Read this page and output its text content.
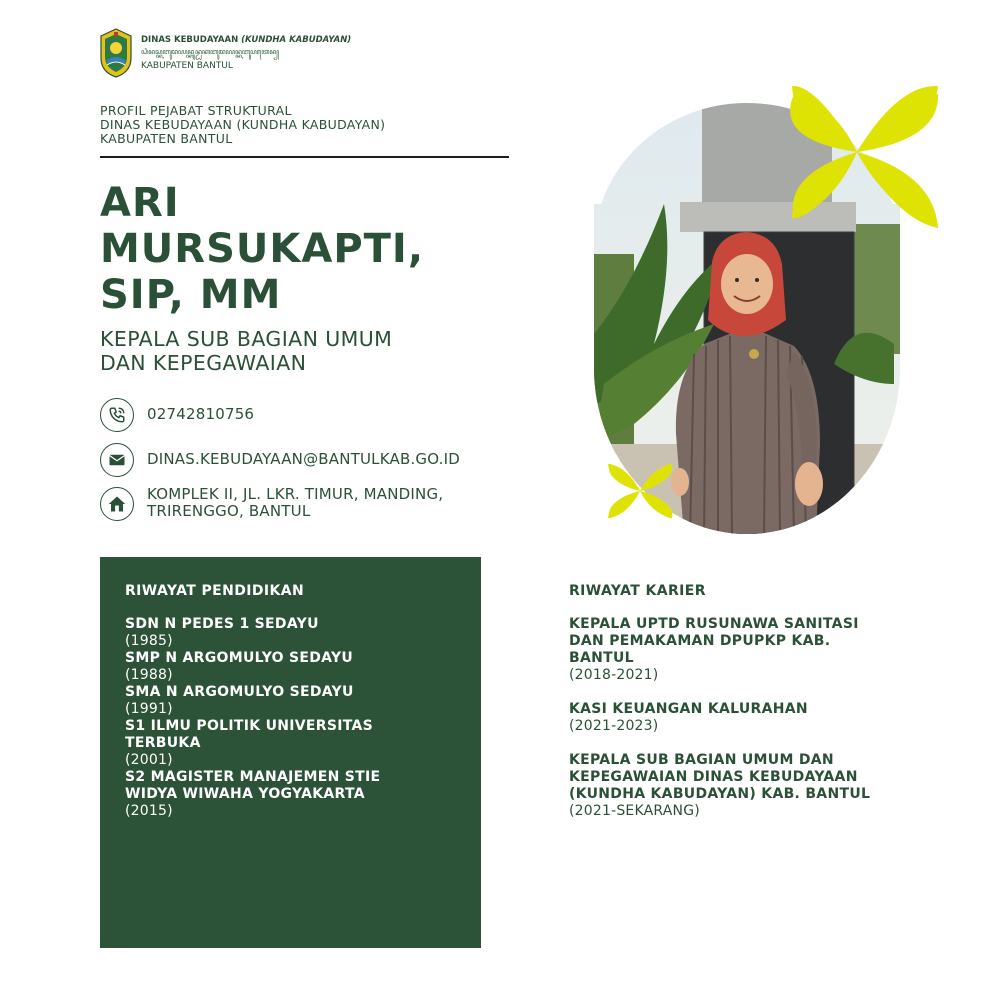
DINAS KEBUDAYAAN (KUNDHA KABUDAYAN)
ꦝꦶꦤꦱ꧀ꦏꦧꦸꦢꦪꦤ꧀ꦏꦸꦤ꧀ꦝꦏꦧꦸꦢꦪꦤ꧀ꦏꦧꦸꦥꦠꦺꦤ꧀
KABUPATEN BANTUL
PROFIL PEJABAT STRUKTURAL
DINAS KEBUDAYAAN (KUNDHA KABUDAYAN)
KABUPATEN BANTUL
ARI
MURSUKAPTI,
SIP, MM
KEPALA SUB BAGIAN UMUM
DAN KEPEGAWAIAN
02742810756
DINAS.KEBUDAYAAN@BANTULKAB.GO.ID
KOMPLEK II, JL. LKR. TIMUR, MANDING,
TRIRENGGO, BANTUL
RIWAYAT PENDIDIKAN
SDN N PEDES 1 SEDAYU
(1985)
SMP N ARGOMULYO SEDAYU
(1988)
SMA N ARGOMULYO SEDAYU
(1991)
S1 ILMU POLITIK UNIVERSITAS
TERBUKA
(2001)
S2 MAGISTER MANAJEMEN STIE
WIDYA WIWAHA YOGYAKARTA
(2015)
RIWAYAT KARIER
KEPALA UPTD RUSUNAWA SANITASI
DAN PEMAKAMAN DPUPKP KAB.
BANTUL
(2018-2021)
KASI KEUANGAN KALURAHAN
(2021-2023)
KEPALA SUB BAGIAN UMUM DAN
KEPEGAWAIAN DINAS KEBUDAYAAN
(KUNDHA KABUDAYAN) KAB. BANTUL
(2021-SEKARANG)
